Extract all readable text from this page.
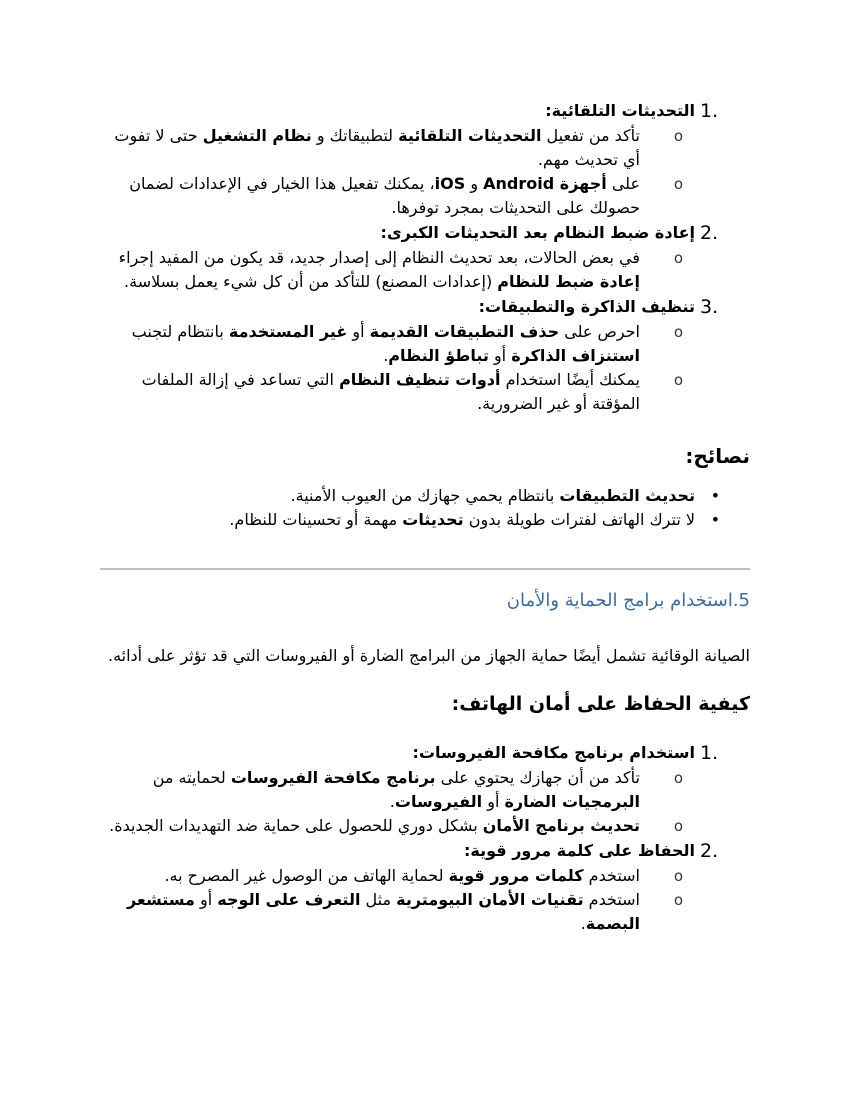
1.
التحديثات التلقائية:
o
تأكد من تفعيل التحديثات التلقائية لتطبيقاتك و نظام التشغيل حتى لا تفوت أي تحديث مهم.
o
على أجهزة Android و iOS، يمكنك تفعيل هذا الخيار في الإعدادات لضمان حصولك على التحديثات بمجرد توفرها.
2.
إعادة ضبط النظام بعد التحديثات الكبرى:
o
في بعض الحالات، بعد تحديث النظام إلى إصدار جديد، قد يكون من المفيد إجراء إعادة ضبط للنظام (إعدادات المصنع) للتأكد من أن كل شيء يعمل بسلاسة.
3.
تنظيف الذاكرة والتطبيقات:
o
احرص على حذف التطبيقات القديمة أو غير المستخدمة بانتظام لتجنب استنزاف الذاكرة أو تباطؤ النظام.
o
يمكنك أيضًا استخدام أدوات تنظيف النظام التي تساعد في إزالة الملفات المؤقتة أو غير الضرورية.
نصائح:
•
تحديث التطبيقات بانتظام يحمي جهازك من العيوب الأمنية.
•
لا تترك الهاتف لفترات طويلة بدون تحديثات مهمة أو تحسينات للنظام.
5.استخدام برامج الحماية والأمان

الصيانة الوقائية تشمل أيضًا حماية الجهاز من البرامج الضارة أو الفيروسات التي قد تؤثر على أدائه.

كيفية الحفاظ على أمان الهاتف:
1.
استخدام برنامج مكافحة الفيروسات:
o
تأكد من أن جهازك يحتوي على برنامج مكافحة الفيروسات لحمايته من البرمجيات الضارة أو الفيروسات.
o
تحديث برنامج الأمان بشكل دوري للحصول على حماية ضد التهديدات الجديدة.
2.
الحفاظ على كلمة مرور قوية:
o
استخدم كلمات مرور قوية لحماية الهاتف من الوصول غير المصرح به.
o
استخدم تقنيات الأمان البيومترية مثل التعرف على الوجه أو مستشعر البصمة.
